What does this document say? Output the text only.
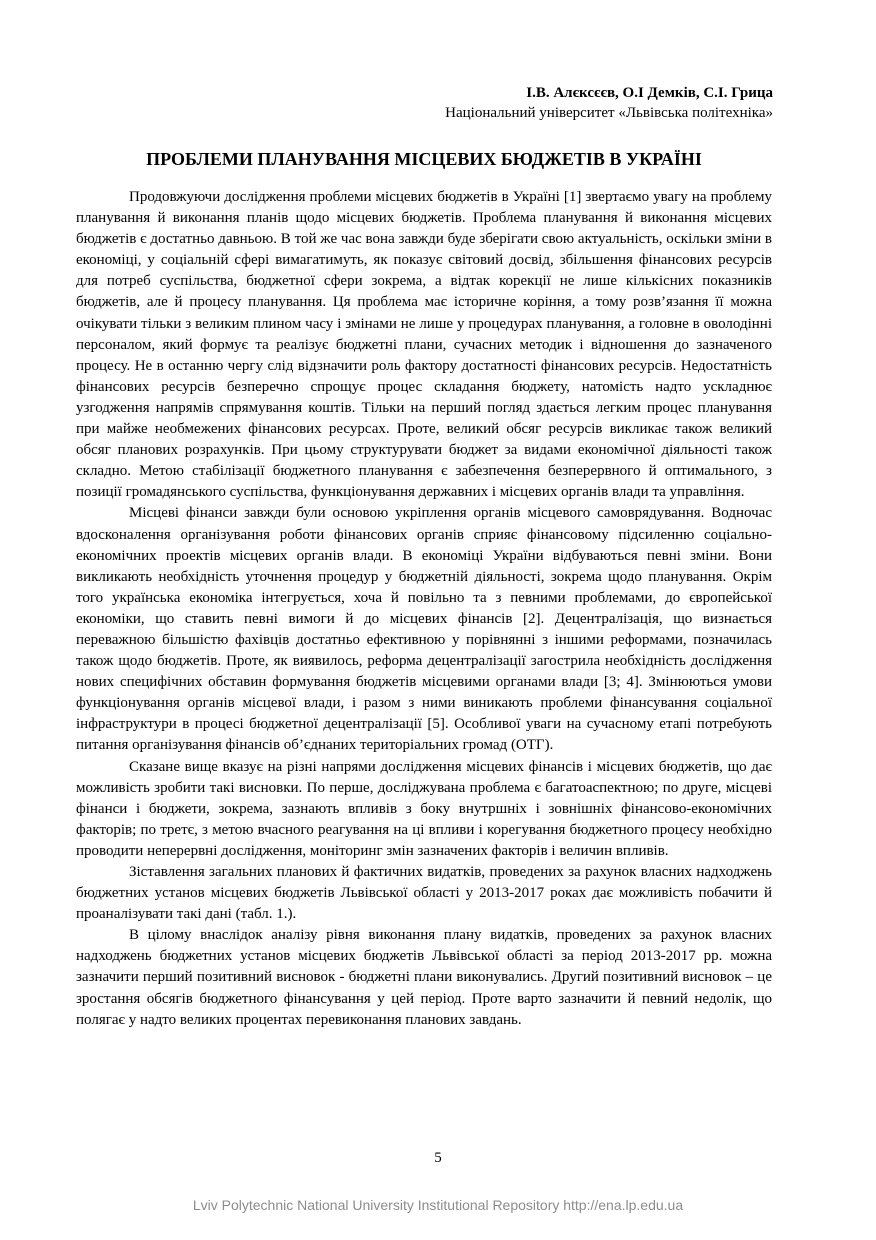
І.В. Алєксєєв, О.І Демків, С.І. Грица
Національний університет «Львівська політехніка»
ПРОБЛЕМИ ПЛАНУВАННЯ МІСЦЕВИХ БЮДЖЕТІВ В УКРАЇНІ

Продовжуючи дослідження проблеми місцевих бюджетів в Україні [1] звертаємо увагу на проблему планування й виконання планів щодо місцевих бюджетів. Проблема планування й виконання місцевих бюджетів є достатньо давньою. В той же час вона завжди буде зберігати свою актуальність, оскільки зміни в економіці, у соціальній сфері вимагатимуть, як показує світовий досвід, збільшення фінансових ресурсів для потреб суспільства, бюджетної сфери зокрема, а відтак корекції не лише кількісних показників бюджетів, але й процесу планування. Ця проблема має історичне коріння, а тому розв’язання її можна очікувати тільки з великим плином часу і змінами не лише у процедурах планування, а головне в оволодінні персоналом, який формує та реалізує бюджетні плани, сучасних методик і відношення до зазначеного процесу. Не в останню чергу слід відзначити роль фактору достатності фінансових ресурсів. Недостатність фінансових ресурсів безперечно спрощує процес складання бюджету, натомість надто ускладнює узгодження напрямів спрямування коштів. Тільки на перший погляд здається легким процес планування при майже необмежених фінансових ресурсах. Проте, великий обсяг ресурсів викликає також великий обсяг планових розрахунків. При цьому структурувати бюджет за видами економічної діяльності також складно. Метою стабілізації бюджетного планування є забезпечення безперервного й оптимального, з позиції громадянського суспільства, функціонування державних і місцевих органів влади та управління.

Місцеві фінанси завжди були основою укріплення органів місцевого самоврядування. Водночас вдосконалення організування роботи фінансових органів сприяє фінансовому підсиленню соціально-економічних проектів місцевих органів влади. В економіці України відбуваються певні зміни. Вони викликають необхідність уточнення процедур у бюджетній діяльності, зокрема щодо планування. Окрім того українська економіка інтегрується, хоча й повільно та з певними проблемами, до європейської економіки, що ставить певні вимоги й до місцевих фінансів [2]. Децентралізація, що визнається переважною більшістю фахівців достатньо ефективною у порівнянні з іншими реформами, позначилась також щодо бюджетів. Проте, як виявилось, реформа децентралізації загострила необхідність дослідження нових специфічних обставин формування бюджетів місцевими органами влади [3; 4]. Змінюються умови функціонування органів місцевої влади, і разом з ними виникають проблеми фінансування соціальної інфраструктури в процесі бюджетної децентралізації [5]. Особливої уваги на сучасному етапі потребують питання організування фінансів об’єднаних територіальних громад (ОТГ).

Сказане вище вказує на різні напрями дослідження місцевих фінансів і місцевих бюджетів, що дає можливість зробити такі висновки. По перше, досліджувана проблема є багатоаспектною; по друге, місцеві фінанси і бюджети, зокрема, зазнають впливів з боку внутршніх і зовнішніх фінансово-економічних факторів; по третє, з метою вчасного реагування на ці впливи і корегування бюджетного процесу необхідно проводити неперервні дослідження, моніторинг змін зазначених факторів і величин впливів.

Зіставлення загальних планових й фактичних видатків, проведених за рахунок власних надходжень бюджетних установ місцевих бюджетів Львівської області у 2013-2017 роках дає можливість побачити й проаналізувати такі дані (табл. 1.).

В цілому внаслідок аналізу рівня виконання плану видатків, проведених за рахунок власних надходжень бюджетних установ місцевих бюджетів Львівської області за період 2013-2017 рр. можна зазначити перший позитивний висновок - бюджетні плани виконувались. Другий позитивний висновок – це зростання обсягів бюджетного фінансування у цей період. Проте варто зазначити й певний недолік, що полягає у надто великих процентах перевиконання планових завдань.

5
Lviv Polytechnic National University Institutional Repository http://ena.lp.edu.ua
